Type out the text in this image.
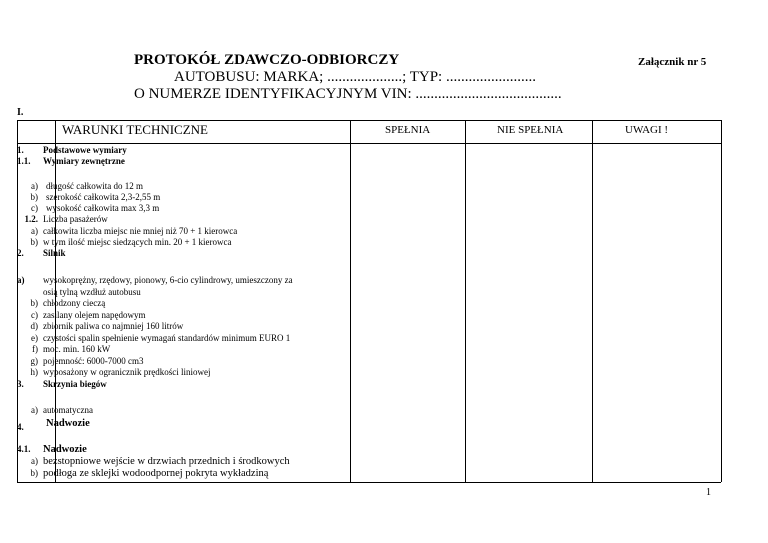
PROTOKÓŁ ZDAWCZO-ODBIORCZY
AUTOBUSU: MARKA; ....................; TYP: ........................
O NUMERZE IDENTYFIKACYJNYM VIN: .......................................
Załącznik nr 5
I.
WARUNKI TECHNICZNE	SPEŁNIA	NIE SPEŁNIA	UWAGI !
1.
1.1.
Podstawowe wymiary
Wymiary zewnętrzne
a) długość całkowita do 12 m
b) szerokość całkowita 2,3-2,55 m
c) wysokość całkowita max 3,3 m
1.2. Liczba pasażerów
a) całkowita liczba miejsc nie mniej niż 70 + 1 kierowca
b) w tym ilość miejsc siedzących min. 20 + 1 kierowca
2. Silnik
a) wysokoprężny, rzędowy, pionowy, 6-cio cylindrowy, umieszczony za
osią tylną wzdłuż autobusu
b) chłodzony cieczą
c) zasilany olejem napędowym
d) zbiornik paliwa co najmniej 160 litrów
e) czystości spalin spełnienie wymagań standardów minimum EURO 1
f) moc. min. 160 kW
g) pojemność: 6000-7000 cm3
h) wyposażony w ogranicznik prędkości liniowej
3. Skrzynia biegów
a) automatyczna
4. Nadwozie
4.1. Nadwozie
a) bezstopniowe wejście w drzwiach przednich i środkowych
b) podłoga ze sklejki wodoodpornej pokryta wykładziną
1
